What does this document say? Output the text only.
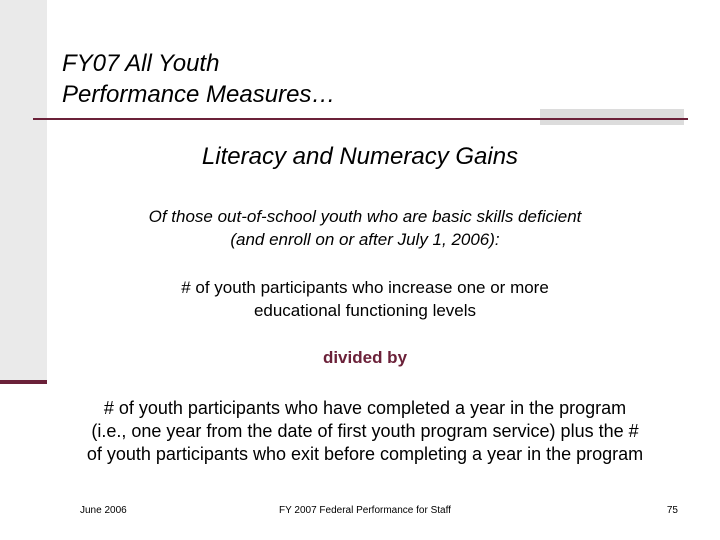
FY07 All Youth
Performance Measures…
Literacy and Numeracy Gains
Of those out-of-school youth who are basic skills deficient
(and enroll on or after July 1, 2006):
# of youth participants who increase one or more
educational functioning levels
divided by
# of youth participants who have completed a year in the program
(i.e., one year from the date of first youth program service) plus the #
of youth participants who exit before completing a year in the program
June 2006	FY 2007 Federal Performance for Staff	75
